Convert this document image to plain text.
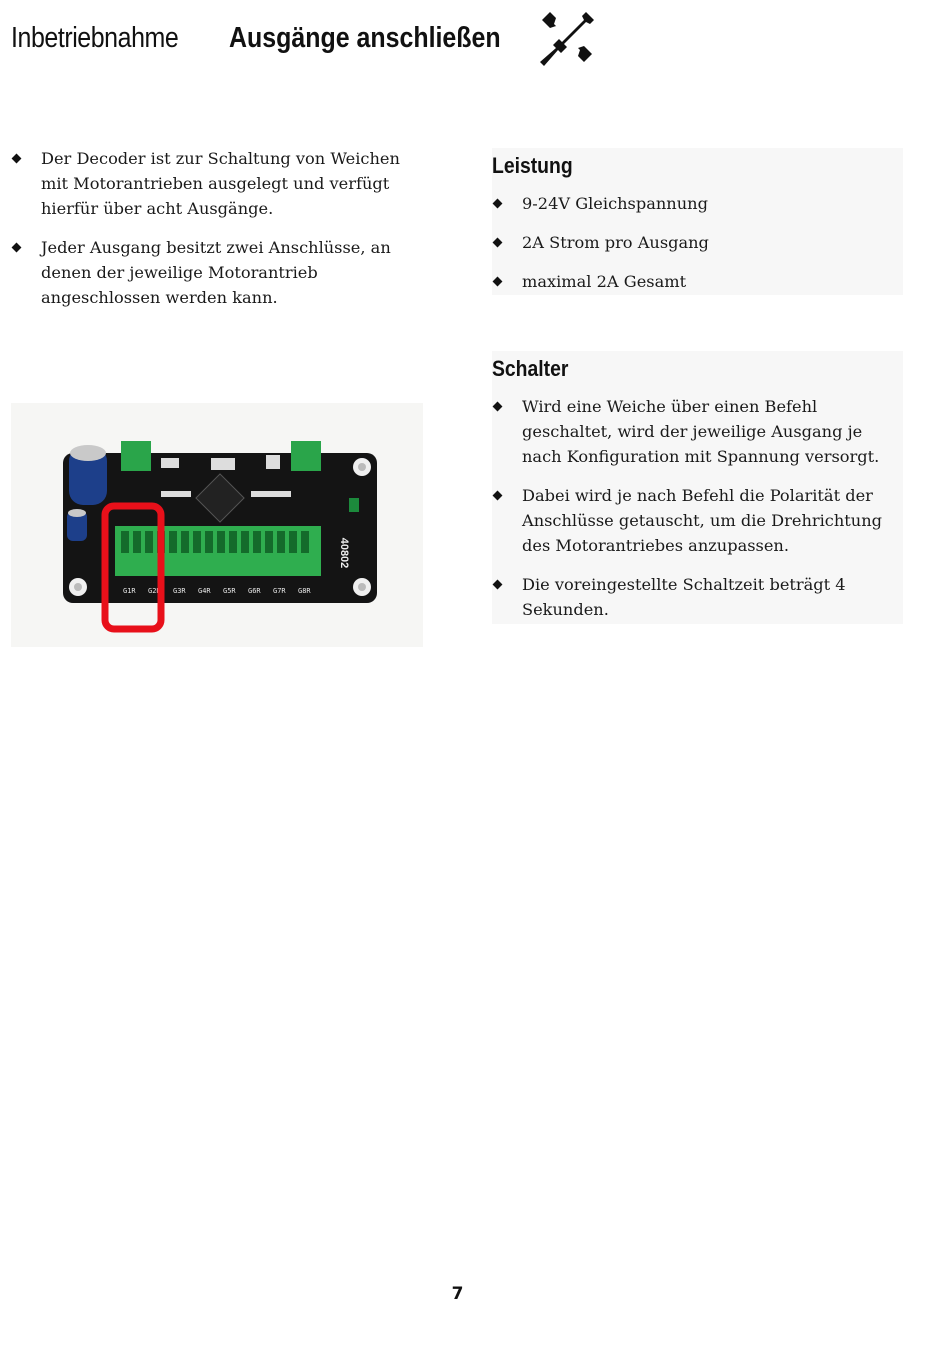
Inbetriebnahme Ausgänge anschließen
Der Decoder ist zur Schaltung von Weichen mit Motorantrieben ausgelegt und verfügt hierfür über acht Ausgänge.
Jeder Ausgang besitzt zwei Anschlüsse, an denen der jeweilige Motorantrieb angeschlossen werden kann.
Leistung
9-24V Gleichspannung
2A Strom pro Ausgang
maximal 2A Gesamt
Schalter
Wird eine Weiche über einen Befehl geschaltet, wird der jeweilige Ausgang je nach Konfiguration mit Spannung versorgt.
Dabei wird je nach Befehl die Polarität der Anschlüsse getauscht, um die Drehrichtung des Motorantriebes anzupassen.
Die voreingestellte Schaltzeit beträgt 4 Sekunden.
G1R G2R G3R G4R G5R G6R G7R G8R
40802
7
